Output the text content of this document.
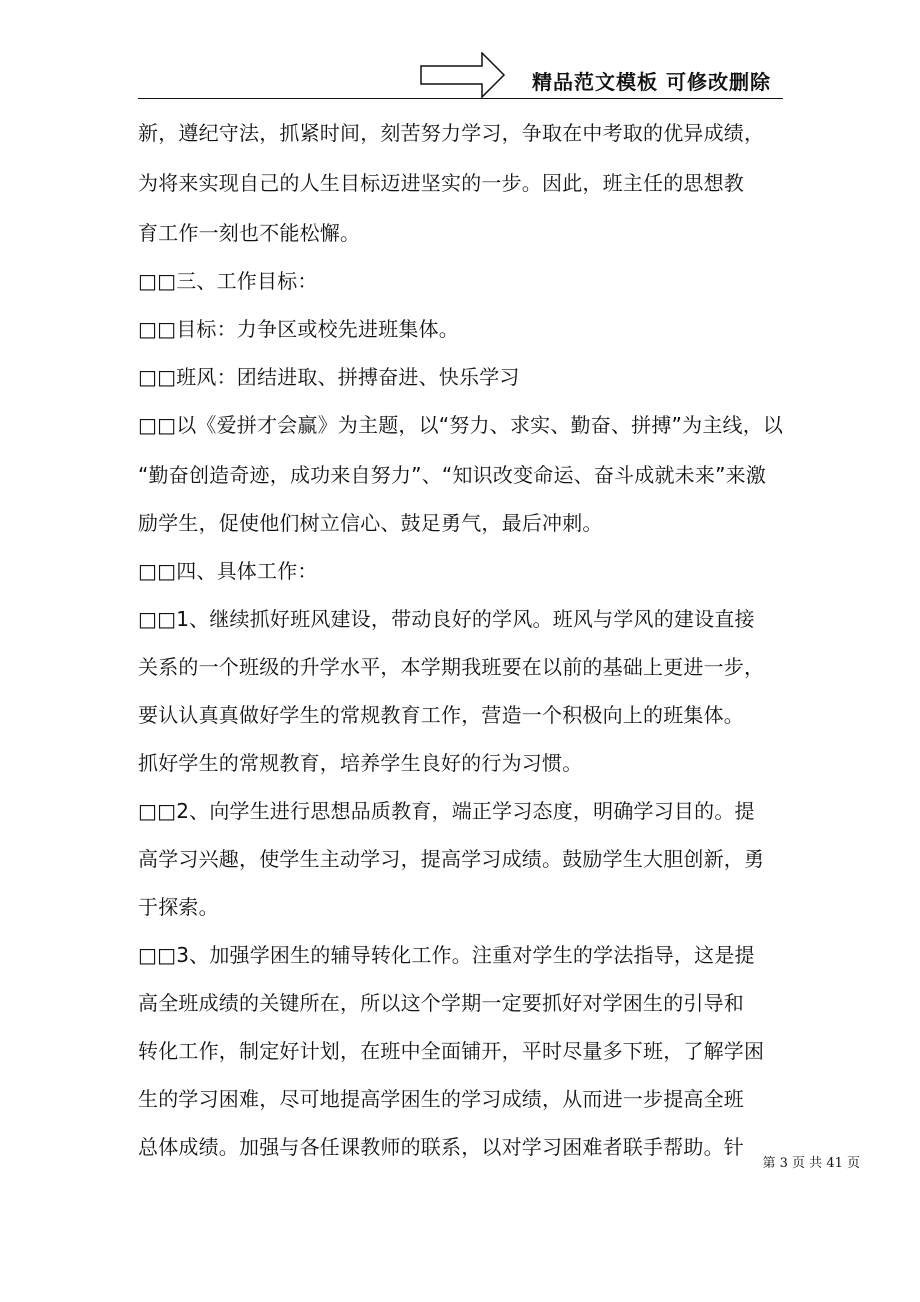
精品范文模板 可修改删除
新，遵纪守法，抓紧时间，刻苦努力学习，争取在中考取的优异成绩，
为将来实现自己的人生目标迈进坚实的一步。因此，班主任的思想教
育工作一刻也不能松懈。
□□三、工作目标：
□□目标：力争区或校先进班集体。
□□班风：团结进取、拼搏奋进、快乐学习
□□以《爱拼才会赢》为主题，以“努力、求实、勤奋、拼搏”为主线，以
“勤奋创造奇迹，成功来自努力”、“知识改变命运、奋斗成就未来”来激
励学生，促使他们树立信心、鼓足勇气，最后冲刺。
□□四、具体工作：
□□1、继续抓好班风建设，带动良好的学风。班风与学风的建设直接
关系的一个班级的升学水平，本学期我班要在以前的基础上更进一步，
要认认真真做好学生的常规教育工作，营造一个积极向上的班集体。
抓好学生的常规教育，培养学生良好的行为习惯。
□□2、向学生进行思想品质教育，端正学习态度，明确学习目的。提
高学习兴趣，使学生主动学习，提高学习成绩。鼓励学生大胆创新，勇
于探索。
□□3、加强学困生的辅导转化工作。注重对学生的学法指导，这是提
高全班成绩的关键所在，所以这个学期一定要抓好对学困生的引导和
转化工作，制定好计划，在班中全面铺开，平时尽量多下班，了解学困
生的学习困难，尽可地提高学困生的学习成绩，从而进一步提高全班
总体成绩。加强与各任课教师的联系，以对学习困难者联手帮助。针
第 3 页 共 41 页
